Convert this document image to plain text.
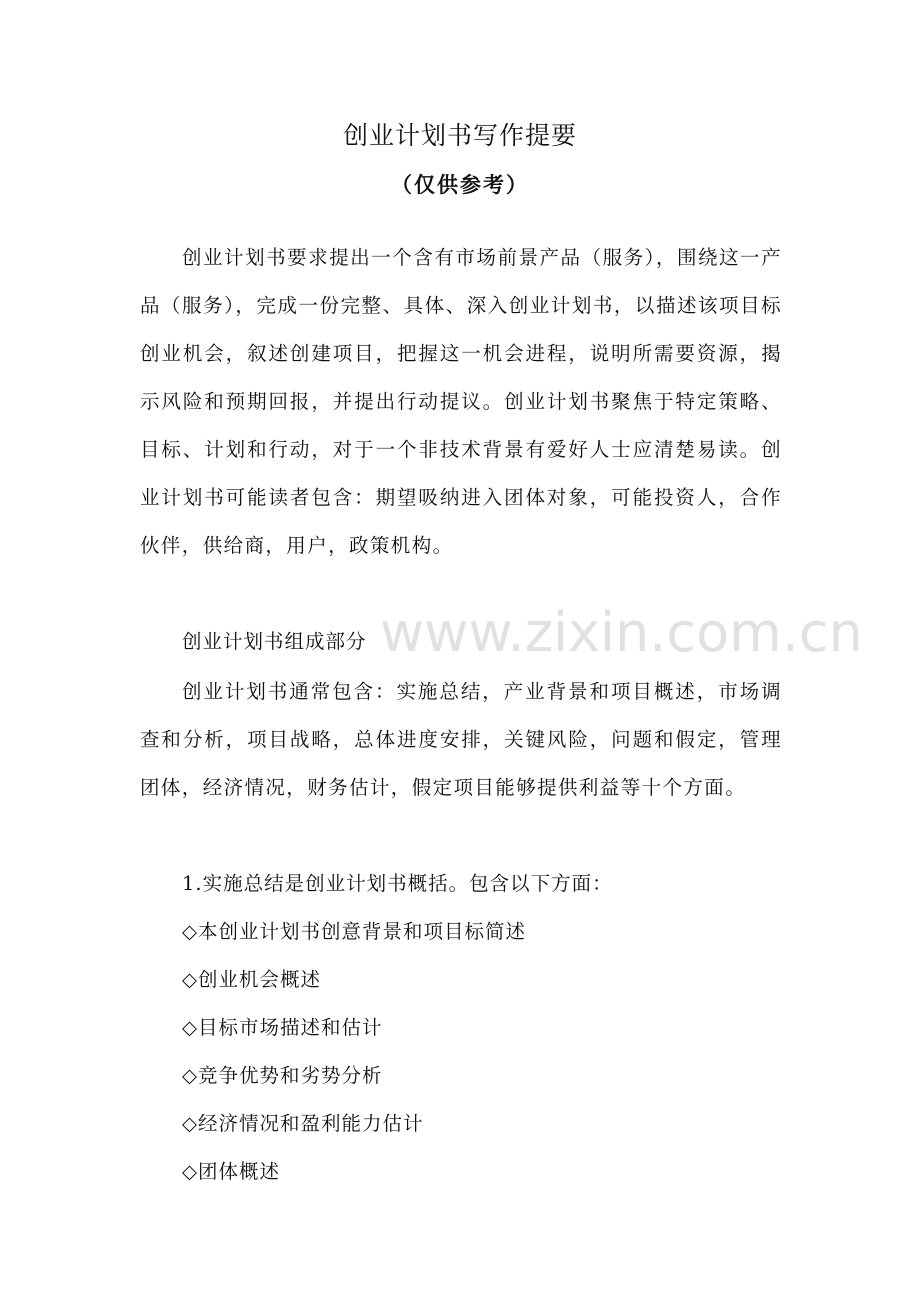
创业计划书写作提要
（仅供参考）
创业计划书要求提出一个含有市场前景产品（服务），围绕这一产品（服务），完成一份完整、具体、深入创业计划书，以描述该项目标创业机会，叙述创建项目，把握这一机会进程，说明所需要资源，揭示风险和预期回报，并提出行动提议。创业计划书聚焦于特定策略、目标、计划和行动，对于一个非技术背景有爱好人士应清楚易读。创业计划书可能读者包含：期望吸纳进入团体对象，可能投资人，合作伙伴，供给商，用户，政策机构。
www.zixin.com.cn
创业计划书组成部分
创业计划书通常包含：实施总结，产业背景和项目概述，市场调查和分析，项目战略，总体进度安排，关键风险，问题和假定，管理团体，经济情况，财务估计，假定项目能够提供利益等十个方面。
1.实施总结是创业计划书概括。包含以下方面：
◇本创业计划书创意背景和项目标简述
◇创业机会概述
◇目标市场描述和估计
◇竞争优势和劣势分析
◇经济情况和盈利能力估计
◇团体概述
